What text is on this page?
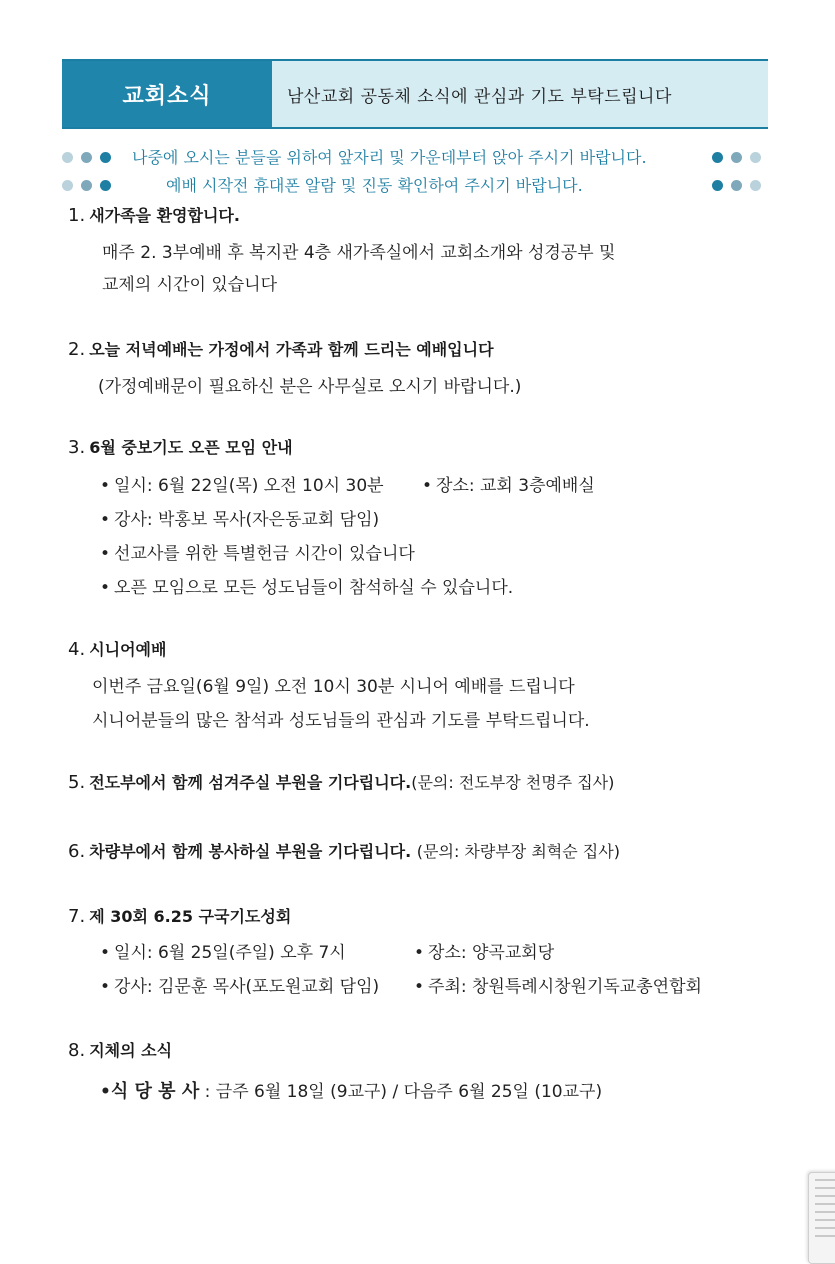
교회소식	남산교회 공동체 소식에 관심과 기도 부탁드립니다
나중에 오시는 분들을 위하여 앞자리 및 가운데부터 앉아 주시기 바랍니다.
예배 시작전 휴대폰 알람 및 진동 확인하여 주시기 바랍니다.
1. 새가족을 환영합니다.
매주 2. 3부예배 후 복지관 4층 새가족실에서 교회소개와 성경공부 및
교제의 시간이 있습니다
2. 오늘 저녁예배는 가정에서 가족과 함께 드리는 예배입니다
(가정예배문이 필요하신 분은 사무실로 오시기 바랍니다.)
3. 6월 중보기도 오픈 모임 안내
• 일시: 6월 22일(목) 오전 10시 30분	• 장소: 교회 3층예배실
• 강사: 박홍보 목사(자은동교회 담임)
• 선교사를 위한 특별헌금 시간이 있습니다
• 오픈 모임으로 모든 성도님들이 참석하실 수 있습니다.
4. 시니어예배
이번주 금요일(6월 9일) 오전 10시 30분 시니어 예배를 드립니다
시니어분들의 많은 참석과 성도님들의 관심과 기도를 부탁드립니다.
5. 전도부에서 함께 섬겨주실 부원을 기다립니다.(문의: 전도부장 천명주 집사)
6. 차량부에서 함께 봉사하실 부원을 기다립니다. (문의: 차량부장 최혁순 집사)
7. 제 30회 6.25 구국기도성회
• 일시: 6월 25일(주일) 오후 7시	• 장소: 양곡교회당
• 강사: 김문훈 목사(포도원교회 담임)	• 주최: 창원특례시창원기독교총연합회
8. 지체의 소식
•식 당 봉 사 : 금주 6월 18일 (9교구) / 다음주 6월 25일 (10교구)
